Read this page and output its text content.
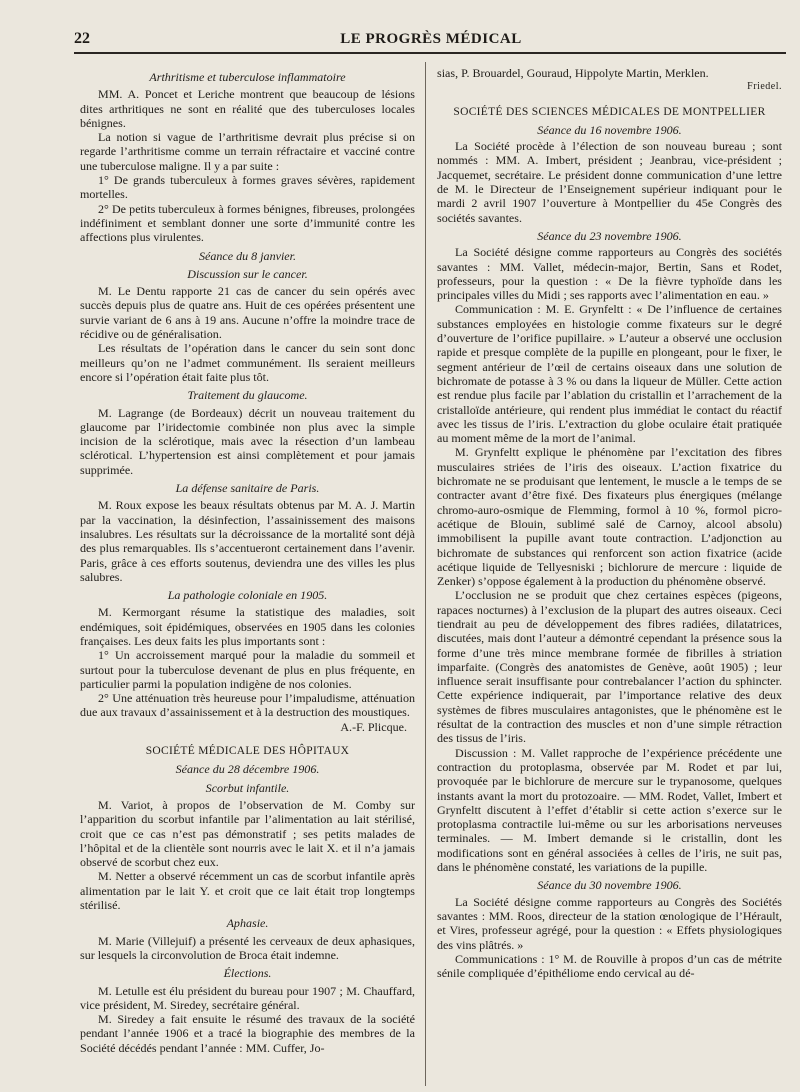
22	LE PROGRÈS MÉDICAL
Arthritisme et tuberculose inflammatoire

MM. A. Poncet et Leriche montrent que beaucoup de lésions dites arthritiques ne sont en réalité que des tuberculoses locales bénignes.

La notion si vague de l’arthritisme devrait plus précise si on regarde l’arthritisme comme un terrain réfractaire et vacciné contre une tuberculose maligne. Il y a par suite :

1° De grands tuberculeux à formes graves sévères, rapidement mortelles.

2° De petits tuberculeux à formes bénignes, fibreuses, prolongées indéfiniment et semblant donner une sorte d’immunité contre les affections plus virulentes.

Séance du 8 janvier.
Discussion sur le cancer.

M. Le Dentu rapporte 21 cas de cancer du sein opérés avec succès depuis plus de quatre ans. Huit de ces opérées présentent une survie variant de 6 ans à 19 ans. Aucune n’offre la moindre trace de récidive ou de généralisation.

Les résultats de l’opération dans le cancer du sein sont donc meilleurs qu’on ne l’admet communément. Ils seraient meilleurs encore si l’opération était faite plus tôt.

Traitement du glaucome.

M. Lagrange (de Bordeaux) décrit un nouveau traitement du glaucome par l’iridectomie combinée non plus avec la simple incision de la sclérotique, mais avec la résection d’un lambeau sclérotical. L’hypertension est ainsi complètement et pour jamais supprimée.

La défense sanitaire de Paris.

M. Roux expose les beaux résultats obtenus par M. A. J. Martin par la vaccination, la désinfection, l’assainissement des maisons insalubres. Les résultats sur la décroissance de la mortalité sont déjà des plus remarquables. Ils s’accentueront certainement dans l’avenir. Paris, grâce à ces efforts soutenus, deviendra une des villes les plus salubres.

La pathologie coloniale en 1905.

M. Kermorgant résume la statistique des maladies, soit endémiques, soit épidémiques, observées en 1905 dans les colonies françaises. Les deux faits les plus importants sont :

1° Un accroissement marqué pour la maladie du sommeil et surtout pour la tuberculose devenant de plus en plus fréquente, en particulier parmi la population indigène de nos colonies.

2° Une atténuation très heureuse pour l’impaludisme, atténuation due aux travaux d’assainissement et à la destruction des moustiques.

A.-F. Plicque.
SOCIÉTÉ MÉDICALE DES HÔPITAUX
Séance du 28 décembre 1906.
Scorbut infantile.

M. Variot, à propos de l’observation de M. Comby sur l’apparition du scorbut infantile par l’alimentation au lait stérilisé, croit que ce cas n’est pas démonstratif ; ses petits malades de l’hôpital et de la clientèle sont nourris avec le lait X. et il n’a jamais observé de scorbut chez eux.

M. Netter a observé récemment un cas de scorbut infantile après alimentation par le lait Y. et croit que ce lait était trop longtemps stérilisé.

Aphasie.

M. Marie (Villejuif) a présenté les cerveaux de deux aphasiques, sur lesquels la circonvolution de Broca était indemne.

Élections.

M. Letulle est élu président du bureau pour 1907 ; M. Chauffard, vice président, M. Siredey, secrétaire général.

M. Siredey a fait ensuite le résumé des travaux de la société pendant l’année 1906 et a tracé la biographie des membres de la Société décédés pendant l’année : MM. Cuffer, Jo-

sias, P. Brouardel, Gouraud, Hippolyte Martin, Merklen.

Friedel.
SOCIÉTÉ DES SCIENCES MÉDICALES DE MONTPELLIER
Séance du 16 novembre 1906.

La Société procède à l’élection de son nouveau bureau ; sont nommés : MM. A. Imbert, président ; Jeanbrau, vice-président ; Jacquemet, secrétaire. Le président donne communication d’une lettre de M. le Directeur de l’Enseignement supérieur indiquant pour le mardi 2 avril 1907 l’ouverture à Montpellier du 45e Congrès des sociétés savantes.

Séance du 23 novembre 1906.

La Société désigne comme rapporteurs au Congrès des sociétés savantes : MM. Vallet, médecin-major, Bertin, Sans et Rodet, professeurs, pour la question : « De la fièvre typhoïde dans les principales villes du Midi ; ses rapports avec l’alimentation en eau. »

Communication : M. E. Grynfeltt : « De l’influence de certaines substances employées en histologie comme fixateurs sur le degré d’ouverture de l’orifice pupillaire. » L’auteur a observé une occlusion rapide et presque complète de la pupille en plongeant, pour le fixer, le segment antérieur de l’œil de certains oiseaux dans une solution de bichromate de potasse à 3 % ou dans la liqueur de Müller. Cette action est rendue plus facile par l’ablation du cristallin et l’arrachement de la cristalloïde antérieure, qui rendent plus immédiat le contact du réactif avec les tissus de l’iris. L’extraction du globe oculaire était pratiquée au moment même de la mort de l’animal.

M. Grynfeltt explique le phénomène par l’excitation des fibres musculaires striées de l’iris des oiseaux. L’action fixatrice du bichromate ne se produisant que lentement, le muscle a le temps de se contracter avant d’être fixé. Des fixateurs plus énergiques (mélange chromo-auro-osmique de Flemming, formol à 10 %, formol picro-acétique de Blouin, sublimé salé de Carnoy, alcool absolu) immobilisent la pupille avant toute contraction. L’adjonction au bichromate de substances qui renforcent son action fixatrice (acide acétique liquide de Tellyesniski ; bichlorure de mercure : liquide de Zenker) s’oppose également à la production du phénomène observé.

L’occlusion ne se produit que chez certaines espèces (pigeons, rapaces nocturnes) à l’exclusion de la plupart des autres oiseaux. Ceci tiendrait au peu de développement des fibres radiées, dilatatrices, discutées, mais dont l’auteur a démontré cependant la présence sous la forme d’une très mince membrane formée de fibrilles à striation imparfaite. (Congrès des anatomistes de Genève, août 1905) ; leur influence serait insuffisante pour contrebalancer l’action du sphincter. Cette expérience indiquerait, par l’importance relative des deux systèmes de fibres musculaires antagonistes, que le phénomène est le résultat de la contraction des muscles et non d’une simple rétraction des tissus de l’iris.

Discussion : M. Vallet rapproche de l’expérience précédente une contraction du protoplasma, observée par M. Rodet et par lui, provoquée par le bichlorure de mercure sur le trypanosome, quelques instants avant la mort du protozoaire. — MM. Rodet, Vallet, Imbert et Grynfeltt discutent à l’effet d’établir si cette action s’exerce sur le protoplasma contractile lui-même ou sur les arborisations nerveuses terminales. — M. Imbert demande si le cristallin, dont les modifications sont en général associées à celles de l’iris, ne suit pas, dans le phénomène constaté, les variations de la pupille.

Séance du 30 novembre 1906.

La Société désigne comme rapporteurs au Congrès des Sociétés savantes : MM. Roos, directeur de la station œnologique de l’Hérault, et Vires, professeur agrégé, pour la question : « Effets physiologiques des vins plâtrés. »

Communications : 1° M. de Rouville à propos d’un cas de métrite sénile compliquée d’épithéliome endo cervical au dé-
